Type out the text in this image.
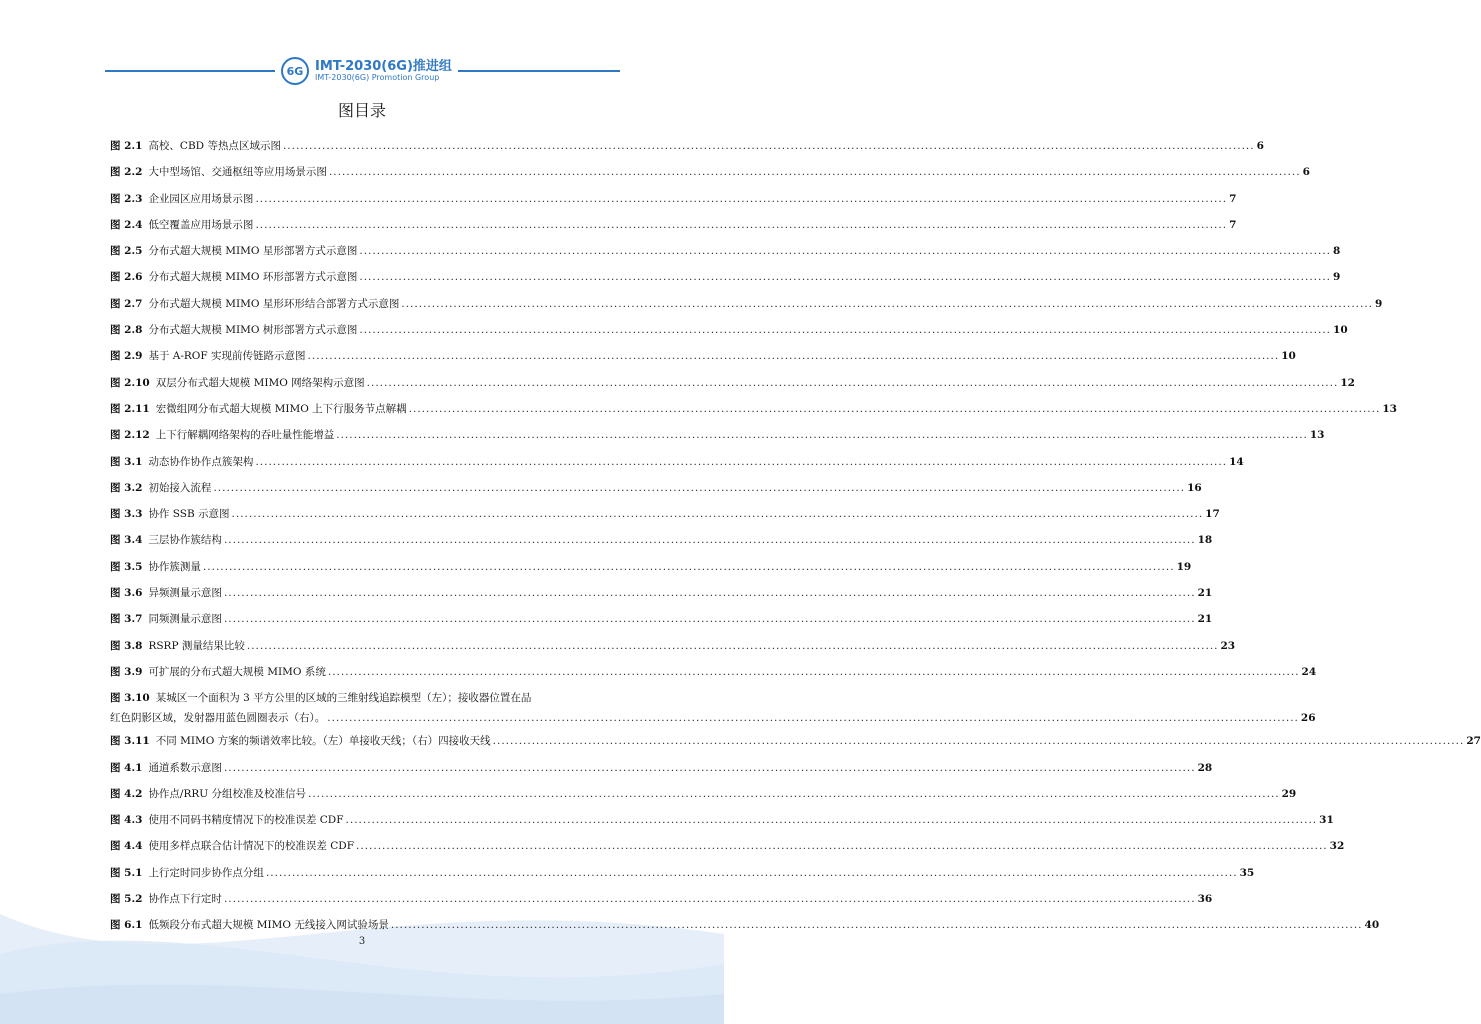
6G IMT-2030(6G)推进组
IMT-2030(6G) Promotion Group
图目录
图 2.1 高校、CBD 等热点区域示图 .....	6
图 2.2 大中型场馆、交通枢纽等应用场景示图 .....	6
图 2.3 企业园区应用场景示图 .....	7
图 2.4 低空覆盖应用场景示图 .....	7
图 2.5 分布式超大规模 MIMO 星形部署方式示意图 .....	8
图 2.6 分布式超大规模 MIMO 环形部署方式示意图 .....	9
图 2.7 分布式超大规模 MIMO 星形环形结合部署方式示意图 .....	9
图 2.8 分布式超大规模 MIMO 树形部署方式示意图 .....	10
图 2.9 基于 A-ROF 实现前传链路示意图 .....	10
图 2.10 双层分布式超大规模 MIMO 网络架构示意图 .....	12
图 2.11 宏微组网分布式超大规模 MIMO 上下行服务节点解耦 .....	13
图 2.12 上下行解耦网络架构的吞吐量性能增益 .....	13
图 3.1 动态协作协作点簇架构 .....	14
图 3.2 初始接入流程 .....	16
图 3.3 协作 SSB 示意图 .....	17
图 3.4 三层协作簇结构 .....	18
图 3.5 协作簇测量 .....	19
图 3.6 异频测量示意图 .....	21
图 3.7 同频测量示意图 .....	21
图 3.8 RSRP 测量结果比较 .....	23
图 3.9 可扩展的分布式超大规模 MIMO 系统 .....	24
图 3.10 某城区一个面积为 3 平方公里的区域的三维射线追踪模型（左）；接收器位置在品
红色阴影区域，发射器用蓝色圆圈表示（右）。 .....	26
图 3.11 不同 MIMO 方案的频谱效率比较。（左）单接收天线；（右）四接收天线 .....	27
图 4.1 通道系数示意图 .....	28
图 4.2 协作点/RRU 分组校准及校准信号 .....	29
图 4.3 使用不同码书精度情况下的校准误差 CDF .....	31
图 4.4 使用多样点联合估计情况下的校准误差 CDF .....	32
图 5.1 上行定时同步协作点分组 .....	35
图 5.2 协作点下行定时 .....	36
图 6.1 低频段分布式超大规模 MIMO 无线接入网试验场景 .....	40
3
